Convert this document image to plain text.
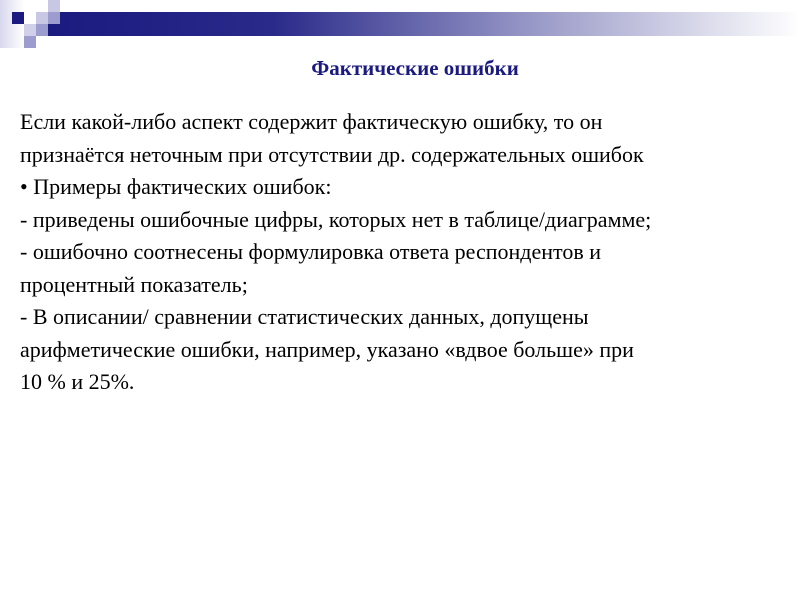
Фактические ошибки

Если какой-либо аспект содержит фактическую ошибку, то он

признаётся неточным при отсутствии др. содержательных ошибок

• Примеры фактических ошибок:

- приведены ошибочные цифры, которых нет в таблице/диаграмме;

- ошибочно соотнесены формулировка ответа респондентов и

процентный показатель;

- В описании/ сравнении статистических данных, допущены

арифметические ошибки, например, указано «вдвое больше» при

10 % и 25%.
